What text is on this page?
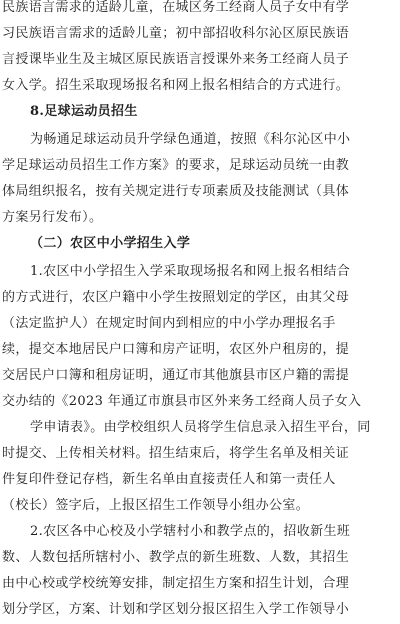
民族语言需求的适龄儿童，在城区务工经商人员子女中有学
习民族语言需求的适龄儿童；初中部招收科尔沁区原民族语
言授课毕业生及主城区原民族语言授课外来务工经商人员子
女入学。招生采取现场报名和网上报名相结合的方式进行。
8.足球运动员招生
为畅通足球运动员升学绿色通道，按照《科尔沁区中小
学足球运动员招生工作方案》的要求，足球运动员统一由教
体局组织报名，按有关规定进行专项素质及技能测试（具体
方案另行发布）。
（二）农区中小学招生入学
1.农区中小学招生入学采取现场报名和网上报名相结合
的方式进行，农区户籍中小学生按照划定的学区，由其父母
（法定监护人）在规定时间内到相应的中小学办理报名手
续，提交本地居民户口簿和房产证明，农区外户租房的，提
交居民户口簿和租房证明，通辽市其他旗县市区户籍的需提
交办结的《2023 年通辽市旗县市区外来务工经商人员子女入
学申请表》。由学校组织人员将学生信息录入招生平台，同
时提交、上传相关材料。招生结束后，将学生名单及相关证
件复印件登记存档，新生名单由直接责任人和第一责任人
（校长）签字后，上报区招生工作领导小组办公室。
2.农区各中心校及小学辖村小和教学点的，招收新生班
数、人数包括所辖村小、教学点的新生班数、人数，其招生
由中心校或学校统筹安排，制定招生方案和招生计划，合理
划分学区，方案、计划和学区划分报区招生入学工作领导小
